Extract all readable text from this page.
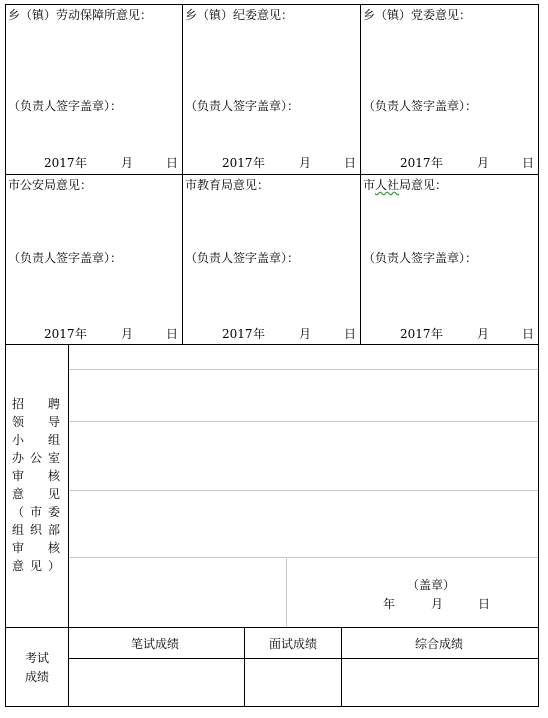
乡（镇）劳动保障所意见：
（负责人签字盖章）：
2017 年	月	日
乡（镇）纪委意见：
（负责人签字盖章）：
2017 年	月	日
乡（镇）党委意见：
（负责人签字盖章）：
2017 年	月	日
市公安局意见：
（负责人签字盖章）：
2017 年	月	日
市教育局意见：
（负责人签字盖章）：
2017 年	月	日
市人社局意见：
（负责人签字盖章）：
2017 年	月	日
招聘
领导
小组
办公室
审核
意见
（市委
组织部
审核
意见）
（盖章）
年	月	日
考试
成绩
笔试成绩	面试成绩	综合成绩
